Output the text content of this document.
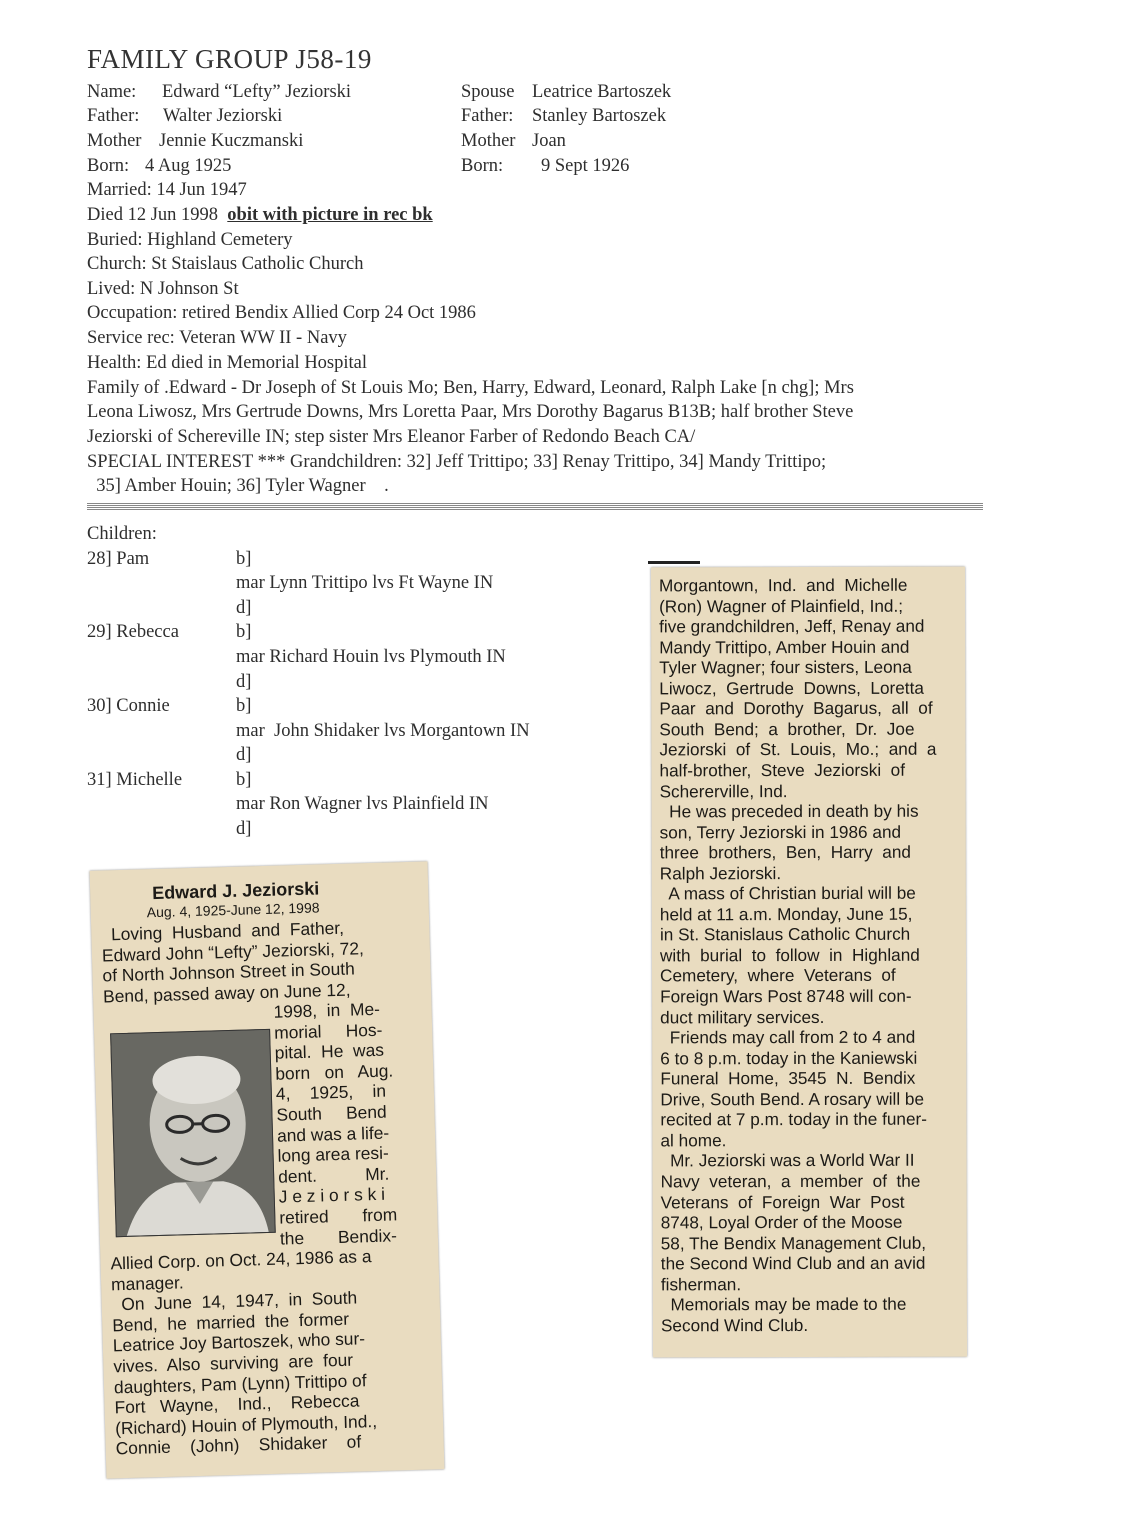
FAMILY GROUP J58-19
Name: Edward “Lefty” Jeziorski
Father: Walter Jeziorski
Mother Jennie Kuczmanski
Born: 4 Aug 1925
Spouse Leatrice Bartoszek
Father: Stanley Bartoszek
Mother Joan
Born: 9 Sept 1926
Married: 14 Jun 1947
Died 12 Jun 1998 obit with picture in rec bk
Buried: Highland Cemetery
Church: St Staislaus Catholic Church
Lived: N Johnson St
Occupation: retired Bendix Allied Corp 24 Oct 1986
Service rec: Veteran WW II - Navy
Health: Ed died in Memorial Hospital
Family of .Edward - Dr Joseph of St Louis Mo; Ben, Harry, Edward, Leonard, Ralph Lake [n chg]; Mrs
Leona Liwosz, Mrs Gertrude Downs, Mrs Loretta Paar, Mrs Dorothy Bagarus B13B; half brother Steve
Jeziorski of Schereville IN; step sister Mrs Eleanor Farber of Redondo Beach CA/
SPECIAL INTEREST *** Grandchildren: 32] Jeff Trittipo; 33] Renay Trittipo, 34] Mandy Trittipo;
35] Amber Houin; 36] Tyler Wagner    .
Children:
28] Pam	b]
mar Lynn Trittipo lvs Ft Wayne IN
d]
29] Rebecca	b]
mar Richard Houin lvs Plymouth IN
d]
30] Connie	b]
mar  John Shidaker lvs Morgantown IN
d]
31] Michelle	b]
mar Ron Wagner lvs Plainfield IN
d]
Morgantown,  Ind.  and  Michelle
(Ron) Wagner of Plainfield, Ind.;
five grandchildren, Jeff, Renay and
Mandy Trittipo, Amber Houin and
Tyler Wagner; four sisters, Leona
Liwocz,  Gertrude  Downs,  Loretta
Paar  and  Dorothy  Bagarus,  all  of
South  Bend;  a  brother,  Dr.  Joe
Jeziorski  of  St.  Louis,  Mo.;  and  a
half-brother,  Steve  Jeziorski  of
Schererville, Ind.
He was preceded in death by his
son, Terry Jeziorski in 1986 and
three  brothers,  Ben,  Harry  and
Ralph Jeziorski.
A mass of Christian burial will be
held at 11 a.m. Monday, June 15,
in St. Stanislaus Catholic Church
with  burial  to  follow  in  Highland
Cemetery,  where  Veterans  of
Foreign Wars Post 8748 will con-
duct military services.
Friends may call from 2 to 4 and
6 to 8 p.m. today in the Kaniewski
Funeral  Home,  3545  N.  Bendix
Drive, South Bend. A rosary will be
recited at 7 p.m. today in the funer-
al home.
Mr. Jeziorski was a World War II
Navy  veteran,  a  member  of  the
Veterans  of  Foreign  War  Post
8748, Loyal Order of the Moose
58, The Bendix Management Club,
the Second Wind Club and an avid
fisherman.
Memorials may be made to the
Second Wind Club.
Edward J. Jeziorski
Aug. 4, 1925-June 12, 1998
Loving  Husband  and  Father,
Edward John “Lefty” Jeziorski, 72,
of North Johnson Street in South
Bend, passed away on June 12,
1998,  in  Me-
morial     Hos-
pital.  He  was
born   on   Aug.
4,    1925,    in
South     Bend
and was a life-
long area resi-
dent.          Mr.
J e z i o r s k i
retired       from
the       Bendix-
Allied Corp. on Oct. 24, 1986 as a
manager.
On  June  14,  1947,  in  South
Bend,  he  married  the  former
Leatrice Joy Bartoszek, who sur-
vives.  Also  surviving  are  four
daughters, Pam (Lynn) Trittipo of
Fort   Wayne,    Ind.,    Rebecca
(Richard) Houin of Plymouth, Ind.,
Connie    (John)    Shidaker    of
